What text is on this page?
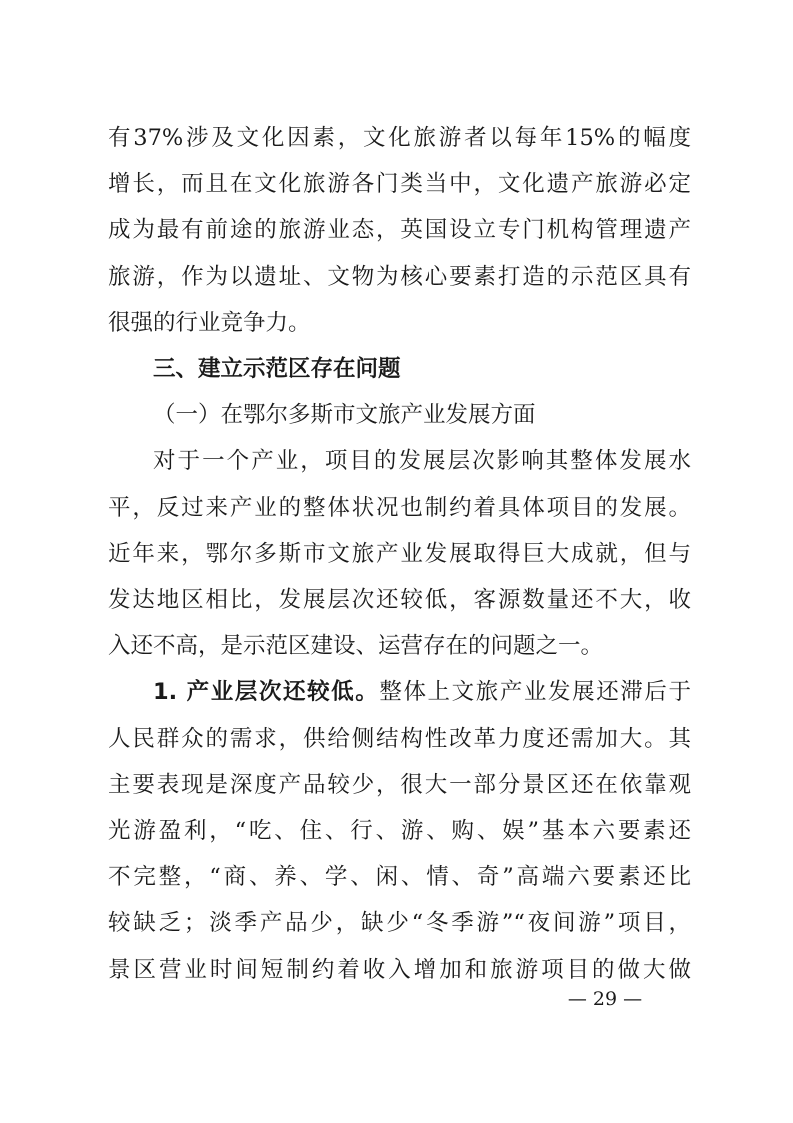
有37%涉及文化因素，文化旅游者以每年15%的幅度
增长，而且在文化旅游各门类当中，文化遗产旅游必定
成为最有前途的旅游业态，英国设立专门机构管理遗产
旅游，作为以遗址、文物为核心要素打造的示范区具有
很强的行业竞争力。
三、建立示范区存在问题
（一）在鄂尔多斯市文旅产业发展方面
对于一个产业，项目的发展层次影响其整体发展水
平，反过来产业的整体状况也制约着具体项目的发展。
近年来，鄂尔多斯市文旅产业发展取得巨大成就，但与
发达地区相比，发展层次还较低，客源数量还不大，收
入还不高，是示范区建设、运营存在的问题之一。
1. 产业层次还较低。整体上文旅产业发展还滞后于
人民群众的需求，供给侧结构性改革力度还需加大。其
主要表现是深度产品较少，很大一部分景区还在依靠观
光游盈利，“吃、住、行、游、购、娱”基本六要素还
不完整，“商、养、学、闲、情、奇”高端六要素还比
较缺乏；淡季产品少，缺少“冬季游”“夜间游”项目，
景区营业时间短制约着收入增加和旅游项目的做大做
— 29 —
